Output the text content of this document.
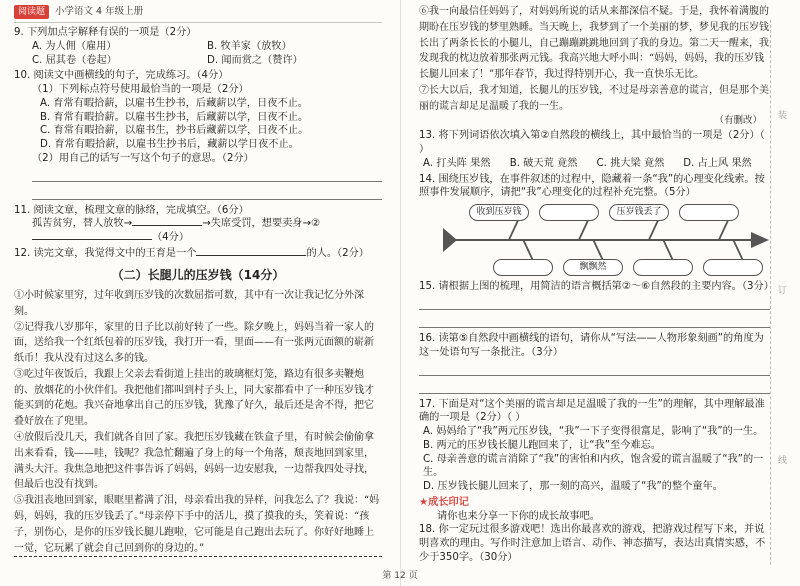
阅读题	小学语文 4 年级上册
9. 下列加点字解释有误的一项是（2分）
A. 为人佣（雇用）	B. 牧羊家（放牧）
C. 屈其卷（卷起）	D. 闻而赏之（赞许）
10. 阅读文中画横线的句子，完成练习。（4分）
（1）下列标点符号使用最恰当的一项是（2分）
A. 育常有暇拾薪，以雇书生抄书，后藏薪以学，日夜不止。
B. 育常有暇拾薪。以雇书生抄书，后藏薪以学，日夜不止。
C. 育常有暇拾薪，以雇书生，抄书后藏薪以学，日夜不止。
D. 育常有暇拾薪，以雇书生抄书后，藏薪以学日夜不止。
（2）用自己的话写一写这个句子的意思。（2分）
11. 阅读文章，梳理文章的脉络，完成填空。（6分）
孤苦贫穷，替人放牧→	→失席受罚，想要卖身→②
（4分）
12. 读完文章，我觉得文中的王育是一个	的人。（2分）
（二）长腿儿的压岁钱（14分）

①小时候家里穷，过年收到压岁钱的次数屈指可数，其中有一次让我记忆分外深刻。

②记得我八岁那年，家里的日子比以前好转了一些。除夕晚上，妈妈当着一家人的面，送给我一个红纸包着的压岁钱，我打开一看，里面——有一张两元面额的崭新纸币！我从没有过这么多的钱。

③吃过年夜饭后，我跟上父亲去看街道上挂出的玻璃框灯笼，路边有很多卖鞭炮的、放烟花的小伙伴们。我把他们都叫到村子头上，同大家都看中了一种压岁钱才能买到的花炮。我兴奋地拿出自己的压岁钱，犹豫了好久，最后还是舍不得，把它叠好放在了兜里。

④放假后没几天，我们就各自回了家。我把压岁钱藏在铁盒子里，有时候会偷偷拿出来看看，钱——哇，钱呢？我急忙翻遍了身上的每一个角落，颓丧地回到家里，满头大汗。我焦急地把这件事告诉了妈妈，妈妈一边安慰我，一边帮我四处寻找，但最后也没有找到。

⑤我沮丧地回到家，眼眶里蓄满了泪，母亲看出我的异样，问我怎么了？我说：“妈妈，妈妈，我的压岁钱丢了。”母亲停下手中的活儿，摸了摸我的头，笑着说：“孩子，别伤心，是你的压岁钱长腿儿跑啦，它可能是自己跑出去玩了。你好好地睡上一觉，它玩累了就会自己回到你的身边的。”

⑥我一向最信任妈妈了，对妈妈所说的话从来都深信不疑。于是，我怀着满腹的期盼在压岁钱的梦里熟睡。当天晚上，我梦到了一个美丽的梦，梦见我的压岁钱长出了两条长长的小腿儿，自己蹦蹦跳跳地回到了我的身边。第二天一醒来，我发现我的枕边放着那张两元钱。我高兴地大呼小叫：“妈妈，妈妈，我的压岁钱长腿儿回来了！”那年春节，我过得特别开心，我一直快乐无比。

⑦长大以后，我才知道，长腿儿的压岁钱，不过是母亲善意的谎言，但是那个美丽的谎言却足足温暖了我的一生。

（有删改）
13. 将下列词语依次填入第②自然段的横线上，其中最恰当的一项是（2分）（ ）
A. 打头阵 果然	B. 破天荒 竟然	C. 挑大梁 竟然	D. 占上风 果然
14. 围绕压岁钱，在事件叙述的过程中，隐藏着一条“我”的心理变化线索。按照事件发展顺序，请把“我”心理变化的过程补充完整。（5分）
收到压岁钱	压岁钱丢了
飘飘然
15. 请根据上图的梳理，用简洁的语言概括第②～⑥自然段的主要内容。（3分）
16. 读第⑤自然段中画横线的语句，请你从“写法——人物形象刻画”的角度为这一处语句写一条批注。（3分）
17. 下面是对“这个美丽的谎言却足足温暖了我的一生”的理解，其中理解最准确的一项是（2分）（ ）
A. 妈妈给了“我”两元压岁钱，“我”一下子变得很富足，影响了“我”的一生。
B. 两元的压岁钱长腿儿跑回来了，让“我”至今难忘。
C. 母亲善意的谎言消除了“我”的害怕和内疚，饱含爱的谎言温暖了“我”的一生。
D. 压岁钱长腿儿回来了，那一刻的高兴，温暖了“我”的整个童年。
★成长印记
请你也来分享一下你的成长故事吧。
18. 你一定玩过很多游戏吧！选出你最喜欢的游戏，把游戏过程写下来，并说明喜欢的理由。写作时注意加上语言、动作、神态描写，表达出真情实感，不少于350字。（30分）
装
订
线
第 12 页
